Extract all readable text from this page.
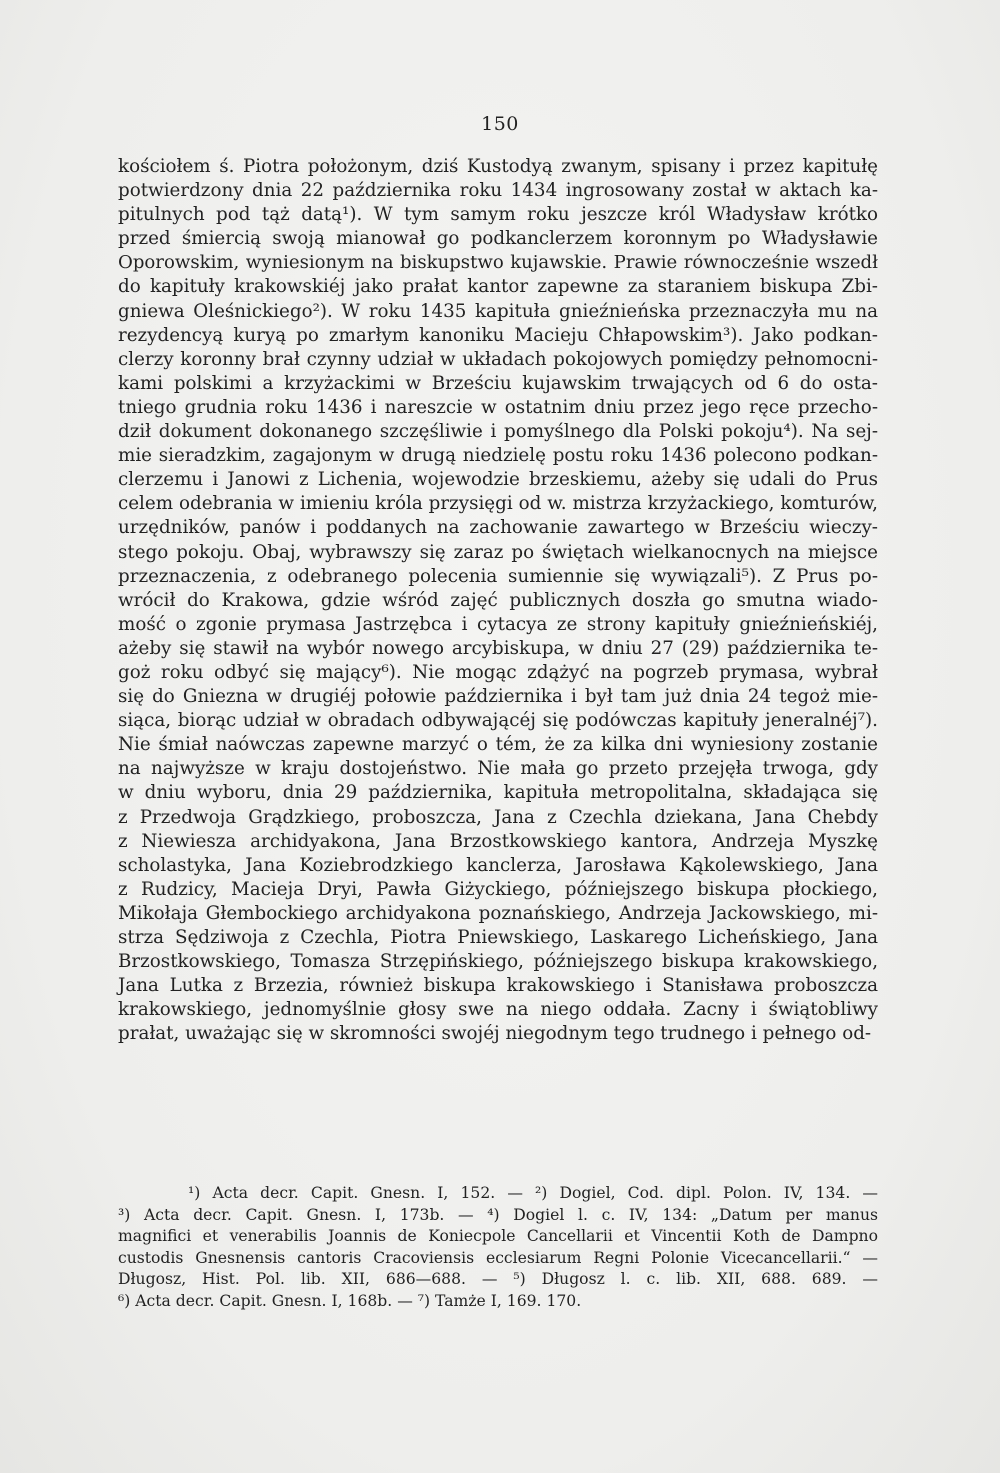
150
kościołem ś. Piotra położonym, dziś Kustodyą zwanym, spisany i przez kapitułę
potwierdzony dnia 22 października roku 1434 ingrosowany został w aktach ka-
pitulnych pod tąż datą¹). W tym samym roku jeszcze król Władysław krótko
przed śmiercią swoją mianował go podkanclerzem koronnym po Władysławie
Oporowskim, wyniesionym na biskupstwo kujawskie. Prawie równocześnie wszedł
do kapituły krakowskiéj jako prałat kantor zapewne za staraniem biskupa Zbi-
gniewa Oleśnickiego²). W roku 1435 kapituła gnieźnieńska przeznaczyła mu na
rezydencyą kuryą po zmarłym kanoniku Macieju Chłapowskim³). Jako podkan-
clerzy koronny brał czynny udział w układach pokojowych pomiędzy pełnomocni-
kami polskimi a krzyżackimi w Brześciu kujawskim trwających od 6 do osta-
tniego grudnia roku 1436 i nareszcie w ostatnim dniu przez jego ręce przecho-
dził dokument dokonanego szczęśliwie i pomyślnego dla Polski pokoju⁴). Na sej-
mie sieradzkim, zagajonym w drugą niedzielę postu roku 1436 polecono podkan-
clerzemu i Janowi z Lichenia, wojewodzie brzeskiemu, ażeby się udali do Prus
celem odebrania w imieniu króla przysięgi od w. mistrza krzyżackiego, komturów,
urzędników, panów i poddanych na zachowanie zawartego w Brześciu wieczy-
stego pokoju. Obaj, wybrawszy się zaraz po świętach wielkanocnych na miejsce
przeznaczenia, z odebranego polecenia sumiennie się wywiązali⁵). Z Prus po-
wrócił do Krakowa, gdzie wśród zajęć publicznych doszła go smutna wiado-
mość o zgonie prymasa Jastrzębca i cytacya ze strony kapituły gnieźnieńskiéj,
ażeby się stawił na wybór nowego arcybiskupa, w dniu 27 (29) października te-
goż roku odbyć się mający⁶). Nie mogąc zdążyć na pogrzeb prymasa, wybrał
się do Gniezna w drugiéj połowie października i był tam już dnia 24 tegoż mie-
siąca, biorąc udział w obradach odbywającéj się podówczas kapituły jeneralnéj⁷).
Nie śmiał naówczas zapewne marzyć o tém, że za kilka dni wyniesiony zostanie
na najwyższe w kraju dostojeństwo. Nie mała go przeto przejęła trwoga, gdy
w dniu wyboru, dnia 29 października, kapituła metropolitalna, składająca się
z Przedwoja Grądzkiego, proboszcza, Jana z Czechla dziekana, Jana Chebdy
z Niewiesza archidyakona, Jana Brzostkowskiego kantora, Andrzeja Myszkę
scholastyka, Jana Koziebrodzkiego kanclerza, Jarosława Kąkolewskiego, Jana
z Rudzicy, Macieja Dryi, Pawła Giżyckiego, późniejszego biskupa płockiego,
Mikołaja Głembockiego archidyakona poznańskiego, Andrzeja Jackowskiego, mi-
strza Sędziwoja z Czechla, Piotra Pniewskiego, Laskarego Licheńskiego, Jana
Brzostkowskiego, Tomasza Strzępińskiego, późniejszego biskupa krakowskiego,
Jana Lutka z Brzezia, również biskupa krakowskiego i Stanisława proboszcza
krakowskiego, jednomyślnie głosy swe na niego oddała. Zacny i świątobliwy
prałat, uważając się w skromności swojéj niegodnym tego trudnego i pełnego od-
¹) Acta decr. Capit. Gnesn. I, 152. — ²) Dogiel, Cod. dipl. Polon. IV, 134. —
³) Acta decr. Capit. Gnesn. I, 173b. — ⁴) Dogiel l. c. IV, 134: „Datum per manus
magnifici et venerabilis Joannis de Koniecpole Cancellarii et Vincentii Koth de Dampno
custodis Gnesnensis cantoris Cracoviensis ecclesiarum Regni Polonie Vicecancellarii.“ —
Długosz, Hist. Pol. lib. XII, 686—688. — ⁵) Długosz l. c. lib. XII, 688. 689. —
⁶) Acta decr. Capit. Gnesn. I, 168b. — ⁷) Tamże I, 169. 170.
